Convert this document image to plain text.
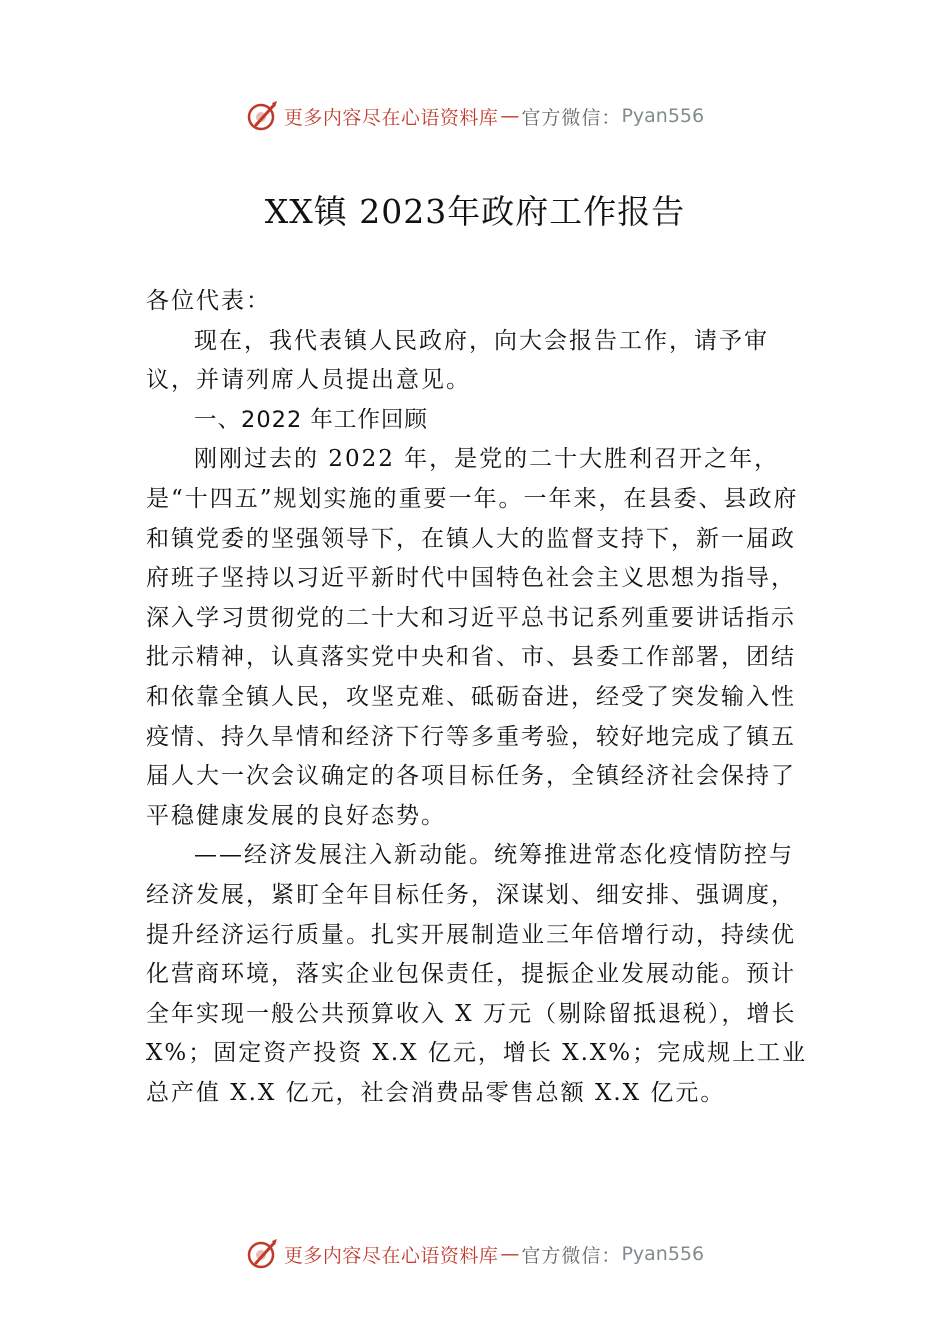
更多内容尽在心语资料库 — 官方微信： Pyan556
XX镇 2023年政府工作报告

各位代表：

现在，我代表镇人民政府，向大会报告工作，请予审议，并请列席人员提出意见。

一、2022 年工作回顾

刚刚过去的 2022 年，是党的二十大胜利召开之年，是“十四五”规划实施的重要一年。一年来，在县委、县政府和镇党委的坚强领导下，在镇人大的监督支持下，新一届政府班子坚持以习近平新时代中国特色社会主义思想为指导，深入学习贯彻党的二十大和习近平总书记系列重要讲话指示批示精神，认真落实党中央和省、市、县委工作部署，团结和依靠全镇人民，攻坚克难、砥砺奋进，经受了突发输入性疫情、持久旱情和经济下行等多重考验，较好地完成了镇五届人大一次会议确定的各项目标任务，全镇经济社会保持了平稳健康发展的良好态势。

——经济发展注入新动能。统筹推进常态化疫情防控与经济发展，紧盯全年目标任务，深谋划、细安排、强调度，提升经济运行质量。扎实开展制造业三年倍增行动，持续优化营商环境，落实企业包保责任，提振企业发展动能。预计全年实现一般公共预算收入 X 万元（剔除留抵退税），增长X%；固定资产投资 X.X 亿元，增长 X.X%；完成规上工业总产值 X.X 亿元，社会消费品零售总额 X.X 亿元。

更多内容尽在心语资料库 — 官方微信： Pyan556
